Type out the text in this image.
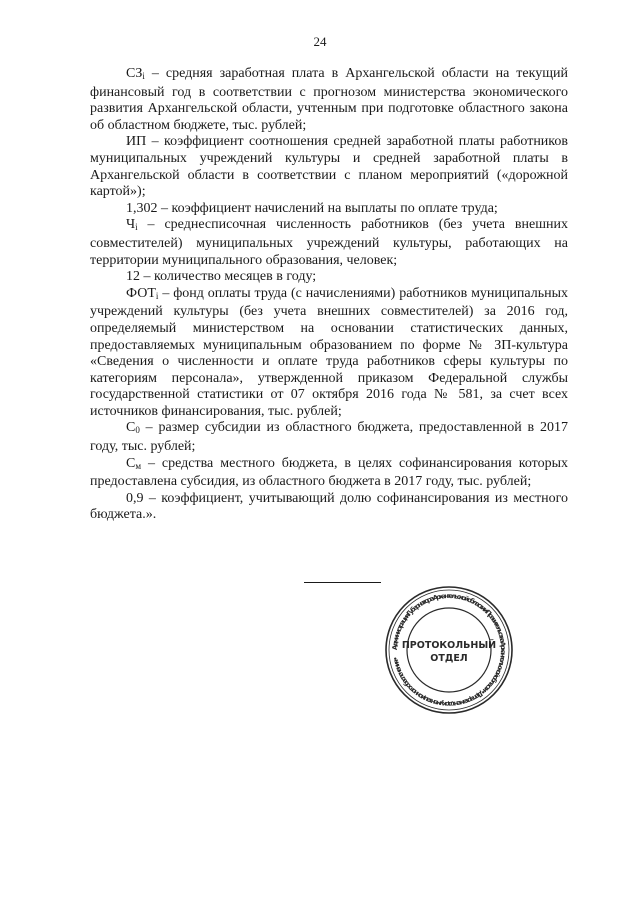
24

$СЗ_i$ – средняя заработная плата в Архангельской области на текущий финансовый год в соответствии с прогнозом министерства экономического развития Архангельской области, учтенным при подготовке областного закона об областном бюджете, тыс. рублей;

ИП – коэффициент соотношения средней заработной платы работников муниципальных учреждений культуры и средней заработной платы в Архангельской области в соответствии с планом мероприятий («дорожной картой»);

1,302 – коэффициент начислений на выплаты по оплате труда;

$Ч_i$ – среднесписочная численность работников (без учета внешних совместителей) муниципальных учреждений культуры, работающих на территории муниципального образования, человек;

12 – количество месяцев в году;

$ФОТ_i$ – фонд оплаты труда (с начислениями) работников муниципальных учреждений культуры (без учета внешних совместителей) за 2016 год, определяемый министерством на основании статистических данных, предоставляемых муниципальным образованием по форме № ЗП-культура «Сведения о численности и оплате труда работников сферы культуры по категориям персонала», утвержденной приказом Федеральной службы государственной статистики от 07 октября 2016 года № 581, за счет всех источников финансирования, тыс. рублей;

$С_0$ – размер субсидии из областного бюджета, предоставленной в 2017 году, тыс. рублей;

$С_м$ – средства местного бюджета, в целях софинансирования которых предоставлена субсидия, из областного бюджета в 2017 году, тыс. рублей;

0,9 – коэффициент, учитывающий долю софинансирования из местного бюджета.».

Администрация Губернатора Архангельской области и Правительства Архангельской области • Департамент документационного обеспечения •
ПРОТОКОЛЬНЫЙ
ОТДЕЛ
